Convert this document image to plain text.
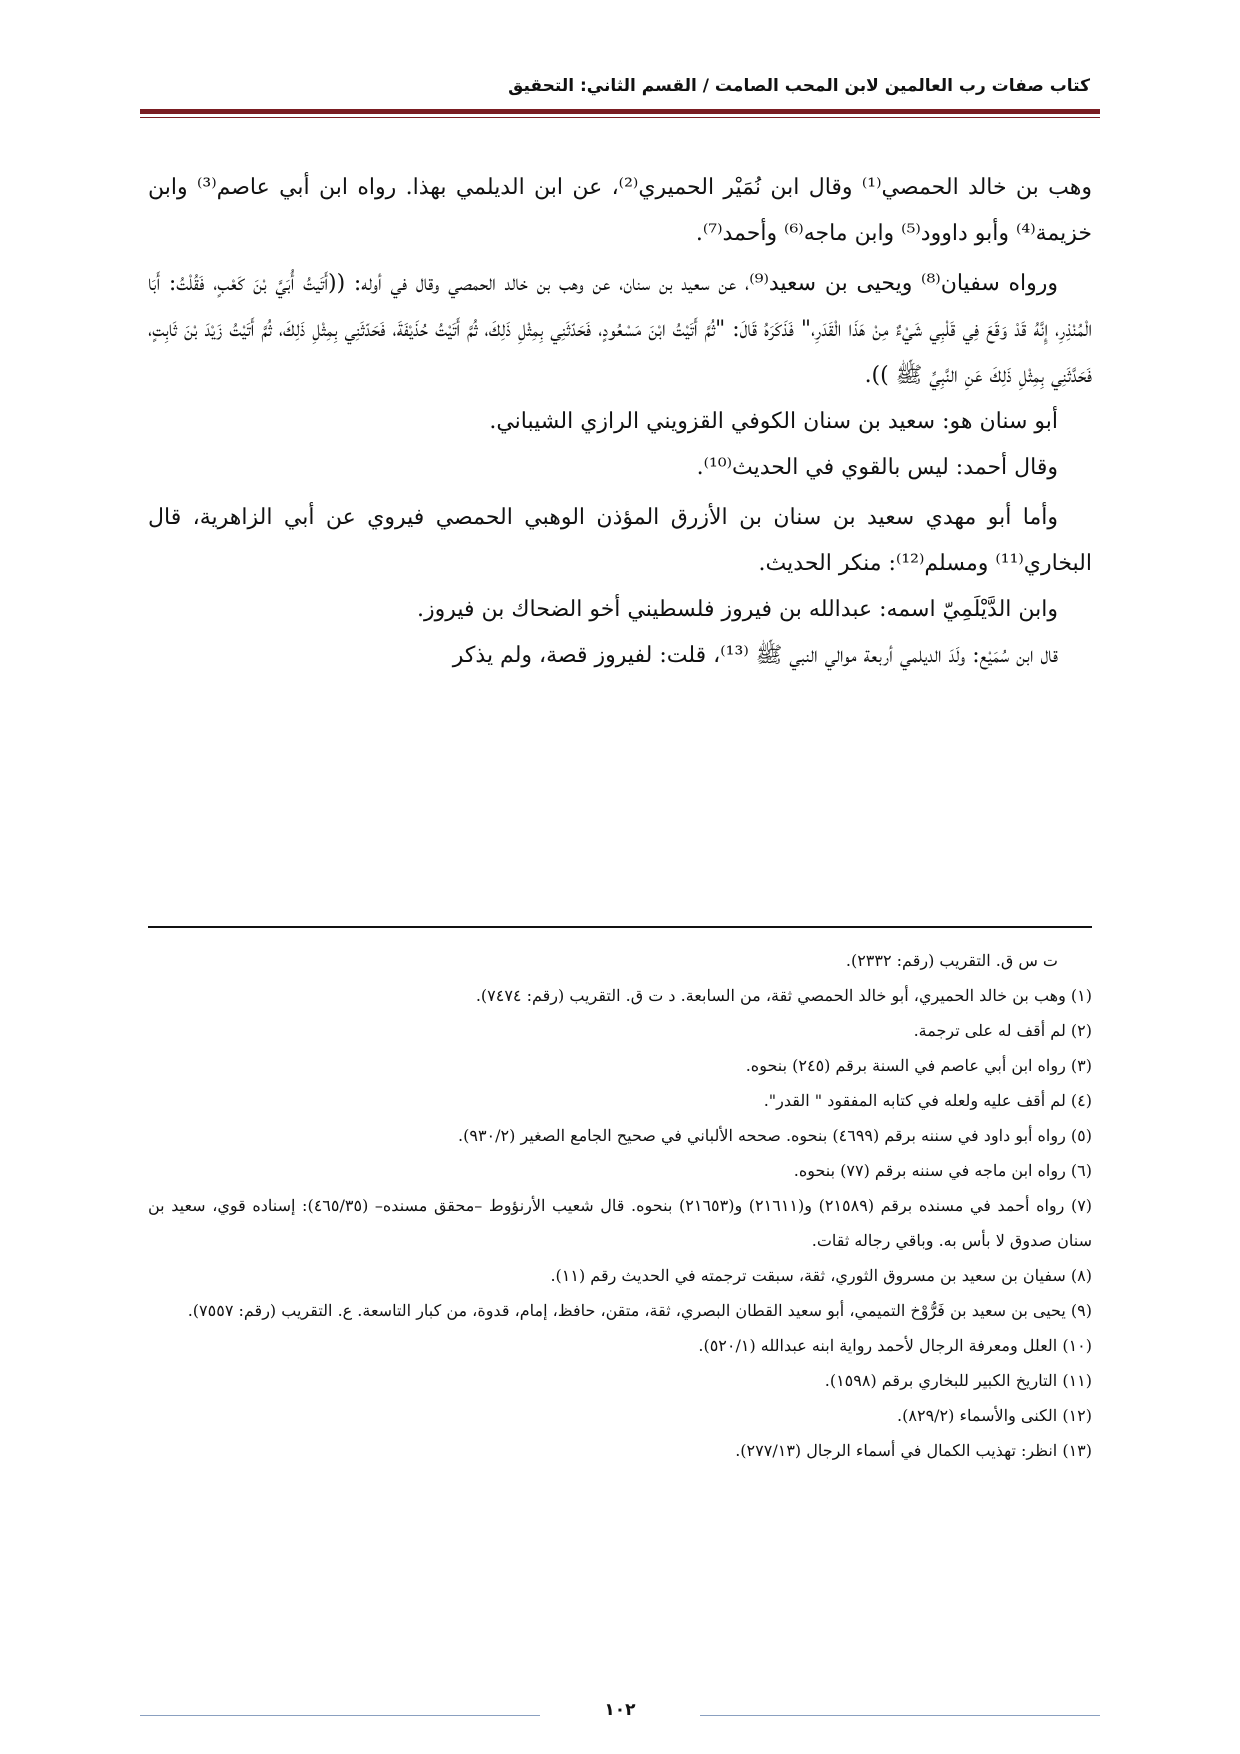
كتاب صفات رب العالمين لابن المحب الصامت / القسم الثاني: التحقيق

وهب بن خالد الحمصي⁽¹⁾ وقال ابن نُمَيْر الحميري⁽²⁾، عن ابن الديلمي بهذا. رواه ابن أبي عاصم⁽³⁾ وابن خزيمة⁽⁴⁾ وأبو داوود⁽⁵⁾ وابن ماجه⁽⁶⁾ وأحمد⁽⁷⁾.

ورواه سفيان⁽⁸⁾ ويحيى بن سعيد⁽⁹⁾، عن سعيد بن سنان، عن وهب بن خالد الحمصي وقال في أوله: ((أَتَيتُ أُبَيَّ بْنَ كَعْبٍ، فَقُلْتُ: أَبَا الْمُنْذِرِ، إِنَّهُ قَدْ وَقَعَ فِي قَلْبِي شَيْءٌ مِنْ هَذَا الْقَدَرِ،" فَذَكَرَهُ قَالَ: "ثُمَّ أَتَيْتُ ابْنَ مَسْعُودٍ، فَحَدّثَنِي بِمِثْلِ ذَلِكَ، ثُمَّ أَتَيْتُ حُذَيْفَةَ، فَحَدّثَنِي بِمِثْلِ ذَلِكَ، ثُمَّ أَتَيْتُ زَيْدَ بْنَ ثَابِتٍ، فَحَدَّثَنِي بِمِثْلِ ذَلِكَ عَنِ النَّبِيِّ ﷺ )).

أبو سنان هو: سعيد بن سنان الكوفي القزويني الرازي الشيباني.

وقال أحمد: ليس بالقوي في الحديث⁽¹⁰⁾.

وأما أبو مهدي سعيد بن سنان بن الأزرق المؤذن الوهبي الحمصي فيروي عن أبي الزاهرية، قال البخاري⁽¹¹⁾ ومسلم⁽¹²⁾: منكر الحديث.

وابن الدَّيْلَمِيّ اسمه: عبدالله بن فيروز فلسطيني أخو الضحاك بن فيروز.

قال ابن سُمَيْع: ولَدَ الديلمي أربعة موالي النبي ﷺ ⁽¹³⁾، قلت: لفيروز قصة، ولم يذكر

ت س ق. التقريب (رقم: ٢٣٣٢).

(١) وهب بن خالد الحميري، أبو خالد الحمصي ثقة، من السابعة. د ت ق. التقريب (رقم: ٧٤٧٤).

(٢) لم أقف له على ترجمة.

(٣) رواه ابن أبي عاصم في السنة برقم (٢٤٥) بنحوه.

(٤) لم أقف عليه ولعله في كتابه المفقود " القدر".

(٥) رواه أبو داود في سننه برقم (٤٦٩٩) بنحوه. صححه الألباني في صحيح الجامع الصغير (٩٣٠/٢).

(٦) رواه ابن ماجه في سننه برقم (٧٧) بنحوه.

(٧) رواه أحمد في مسنده برقم (٢١٥٨٩) و(٢١٦١١) و(٢١٦٥٣) بنحوه. قال شعيب الأرنؤوط –محقق مسنده– (٤٦٥/٣٥): إسناده قوي، سعيد بن سنان صدوق لا بأس به. وباقي رجاله ثقات.

(٨) سفيان بن سعيد بن مسروق الثوري، ثقة، سبقت ترجمته في الحديث رقم (١١).

(٩) يحيى بن سعيد بن فَرُّوْخ التميمي، أبو سعيد القطان البصري، ثقة، متقن، حافظ، إمام، قدوة، من كبار التاسعة. ع. التقريب (رقم: ٧٥٥٧).

(١٠) العلل ومعرفة الرجال لأحمد رواية ابنه عبدالله (٥٢٠/١).

(١١) التاريخ الكبير للبخاري برقم (١٥٩٨).

(١٢) الكنى والأسماء (٨٢٩/٢).

(١٣) انظر: تهذيب الكمال في أسماء الرجال (٢٧٧/١٣).

١٠٢
